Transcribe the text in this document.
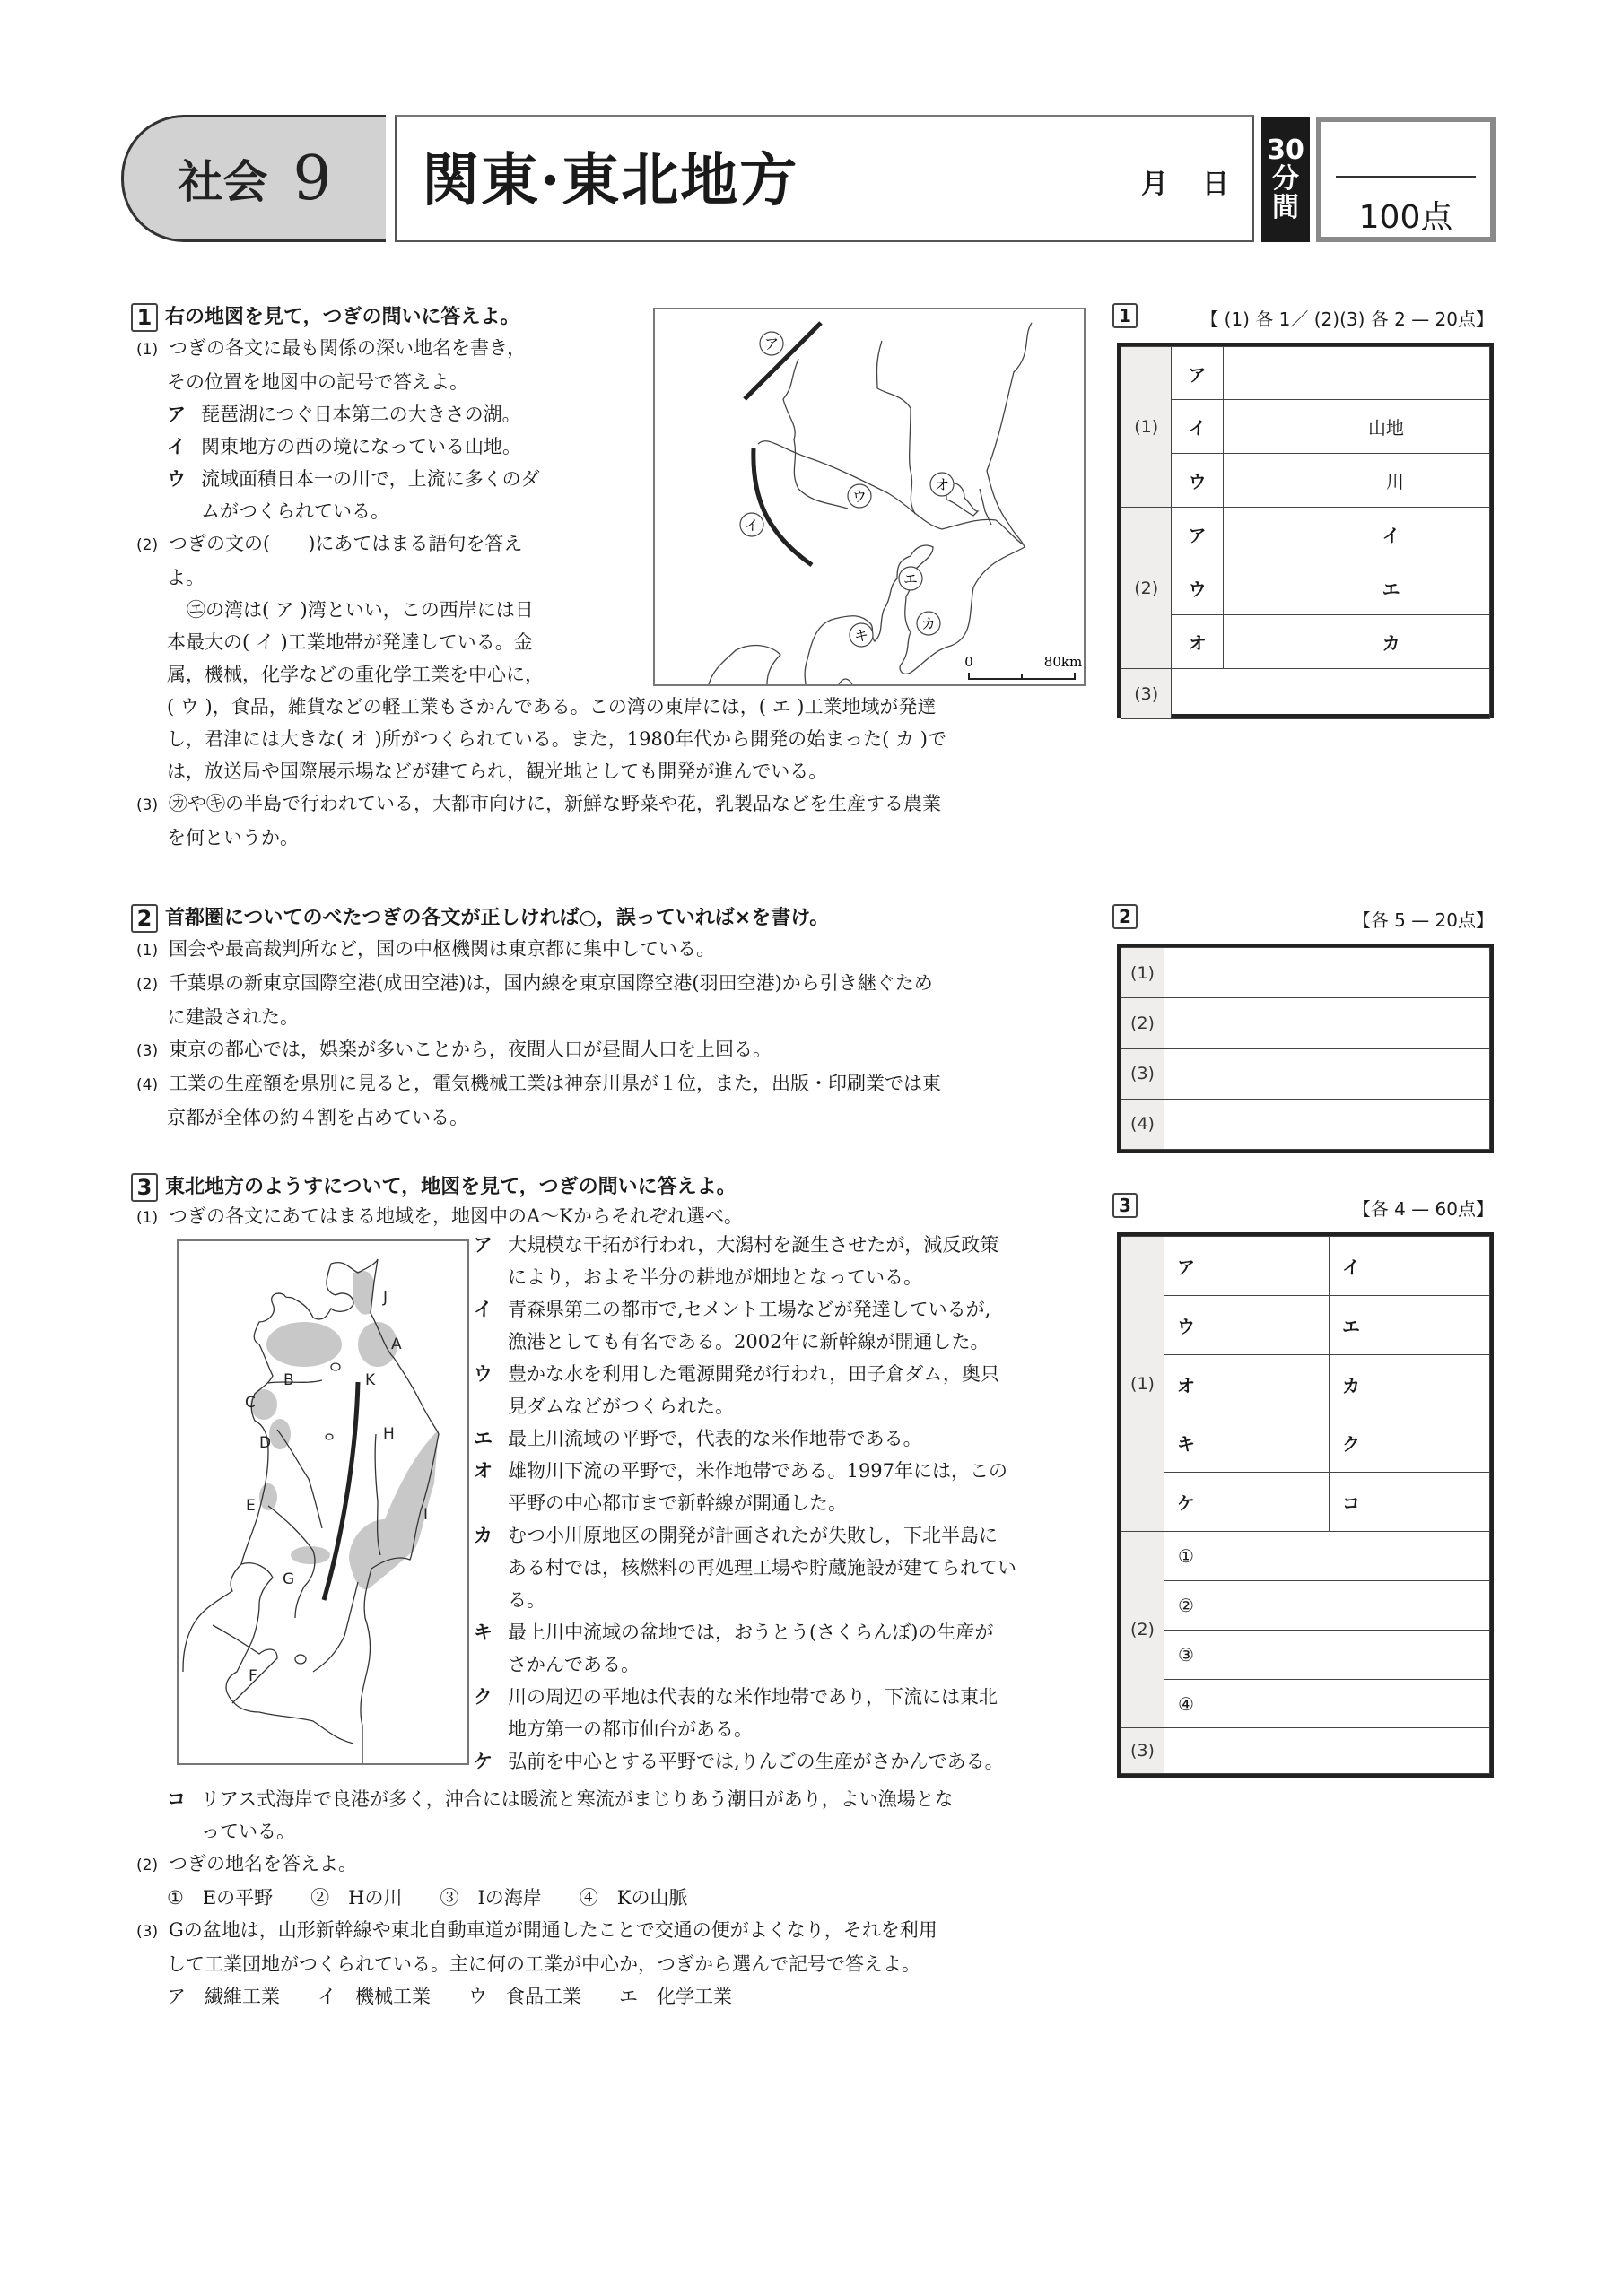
社会 9 関東·東北地方	月 日
30
分
間	100点
1 右の地図を見て，つぎの問いに答えよ。
(1) つぎの各文に最も関係の深い地名を書き，
その位置を地図中の記号で答えよ。
ア 琵琶湖につぐ日本第二の大きさの湖。
イ 関東地方の西の境になっている山地。
ウ 流域面積日本一の川で，上流に多くのダ
ムがつくられている。
(2) つぎの文の(　　)にあてはまる語句を答え
よ。
㋓の湾は( ア )湾といい，この西岸には日
本最大の( イ )工業地帯が発達している。金
属，機械，化学などの重化学工業を中心に，
( ウ )，食品，雑貨などの軽工業もさかんである。この湾の東岸には，( エ )工業地域が発達
し，君津には大きな( オ )所がつくられている。また，1980年代から開発の始まった( カ )で
は，放送局や国際展示場などが建てられ，観光地としても開発が進んでいる。
(3) ㋕や㋖の半島で行われている，大都市向けに，新鮮な野菜や花，乳製品などを生産する農業
を何というか。
ア
イ
ウ
エ
オ
カ
キ
0	80km
1	【 (1) 各 1／ (2)(3) 各 2 — 20点】
(1)	ア			
	イ	山地		
	ウ	川		
(2)	ア		イ	
	ウ		エ	
	オ		カ	
(3)				
2 首都圏についてのべたつぎの各文が正しければ○，誤っていれば×を書け。
(1) 国会や最高裁判所など，国の中枢機関は東京都に集中している。
(2) 千葉県の新東京国際空港(成田空港)は，国内線を東京国際空港(羽田空港)から引き継ぐため
に建設された。
(3) 東京の都心では，娯楽が多いことから，夜間人口が昼間人口を上回る。
(4) 工業の生産額を県別に見ると，電気機械工業は神奈川県が１位，また，出版・印刷業では東
京都が全体の約４割を占めている。
2	【各 5 — 20点】
(1)	
(2)	
(3)	
(4)	
3 東北地方のようすについて，地図を見て，つぎの問いに答えよ。
(1) つぎの各文にあてはまる地域を，地図中のA～Kからそれぞれ選べ。
J
A
B
C
D
E
F
G
H
I
K
ア 大規模な干拓が行われ，大潟村を誕生させたが，減反政策
により，およそ半分の耕地が畑地となっている。
イ 青森県第二の都市で,セメント工場などが発達しているが,
漁港としても有名である。2002年に新幹線が開通した。
ウ 豊かな水を利用した電源開発が行われ，田子倉ダム，奥只
見ダムなどがつくられた。
エ 最上川流域の平野で，代表的な米作地帯である。
オ 雄物川下流の平野で，米作地帯である。1997年には，この
平野の中心都市まで新幹線が開通した。
カ むつ小川原地区の開発が計画されたが失敗し，下北半島に
ある村では，核燃料の再処理工場や貯蔵施設が建てられてい
る。
キ 最上川中流域の盆地では，おうとう(さくらんぼ)の生産が
さかんである。
ク 川の周辺の平地は代表的な米作地帯であり，下流には東北
地方第一の都市仙台がある。
ケ 弘前を中心とする平野では,りんごの生産がさかんである。
コ リアス式海岸で良港が多く，沖合には暖流と寒流がまじりあう潮目があり，よい漁場とな
っている。
(2) つぎの地名を答えよ。
①　Eの平野　　②　Hの川　　③　Iの海岸　　④　Kの山脈
(3) Gの盆地は，山形新幹線や東北自動車道が開通したことで交通の便がよくなり，それを利用
して工業団地がつくられている。主に何の工業が中心か，つぎから選んで記号で答えよ。
ア　繊維工業　　イ　機械工業　　ウ　食品工業　　エ　化学工業
3	【各 4 — 60点】
(1)	ア		イ	
	ウ		エ	
	オ		カ	
	キ		ク	
	ケ		コ	
(2)	①			
	②			
	③			
	④			
(3)				
